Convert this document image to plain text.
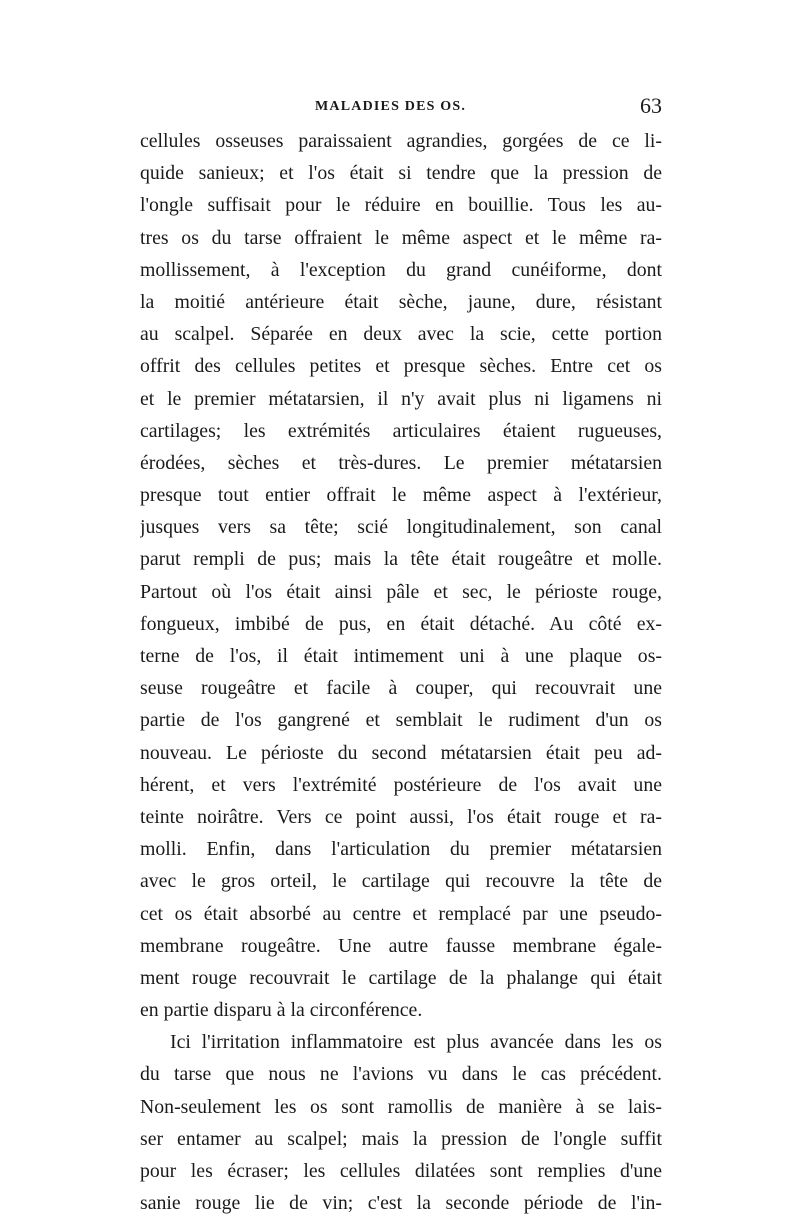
MALADIES DES OS.	63
cellules osseuses paraissaient agrandies, gorgées de ce li-
quide sanieux; et l'os était si tendre que la pression de
l'ongle suffisait pour le réduire en bouillie. Tous les au-
tres os du tarse offraient le même aspect et le même ra-
mollissement, à l'exception du grand cunéiforme, dont
la moitié antérieure était sèche, jaune, dure, résistant
au scalpel. Séparée en deux avec la scie, cette portion
offrit des cellules petites et presque sèches. Entre cet os
et le premier métatarsien, il n'y avait plus ni ligamens ni
cartilages; les extrémités articulaires étaient rugueuses,
érodées, sèches et très-dures. Le premier métatarsien
presque tout entier offrait le même aspect à l'extérieur,
jusques vers sa tête; scié longitudinalement, son canal
parut rempli de pus; mais la tête était rougeâtre et molle.
Partout où l'os était ainsi pâle et sec, le périoste rouge,
fongueux, imbibé de pus, en était détaché. Au côté ex-
terne de l'os, il était intimement uni à une plaque os-
seuse rougeâtre et facile à couper, qui recouvrait une
partie de l'os gangrené et semblait le rudiment d'un os
nouveau. Le périoste du second métatarsien était peu ad-
hérent, et vers l'extrémité postérieure de l'os avait une
teinte noirâtre. Vers ce point aussi, l'os était rouge et ra-
molli. Enfin, dans l'articulation du premier métatarsien
avec le gros orteil, le cartilage qui recouvre la tête de
cet os était absorbé au centre et remplacé par une pseudo-
membrane rougeâtre. Une autre fausse membrane égale-
ment rouge recouvrait le cartilage de la phalange qui était
en partie disparu à la circonférence.
Ici l'irritation inflammatoire est plus avancée dans les os
du tarse que nous ne l'avions vu dans le cas précédent.
Non-seulement les os sont ramollis de manière à se lais-
ser entamer au scalpel; mais la pression de l'ongle suffit
pour les écraser; les cellules dilatées sont remplies d'une
sanie rouge lie de vin; c'est la seconde période de l'in-
